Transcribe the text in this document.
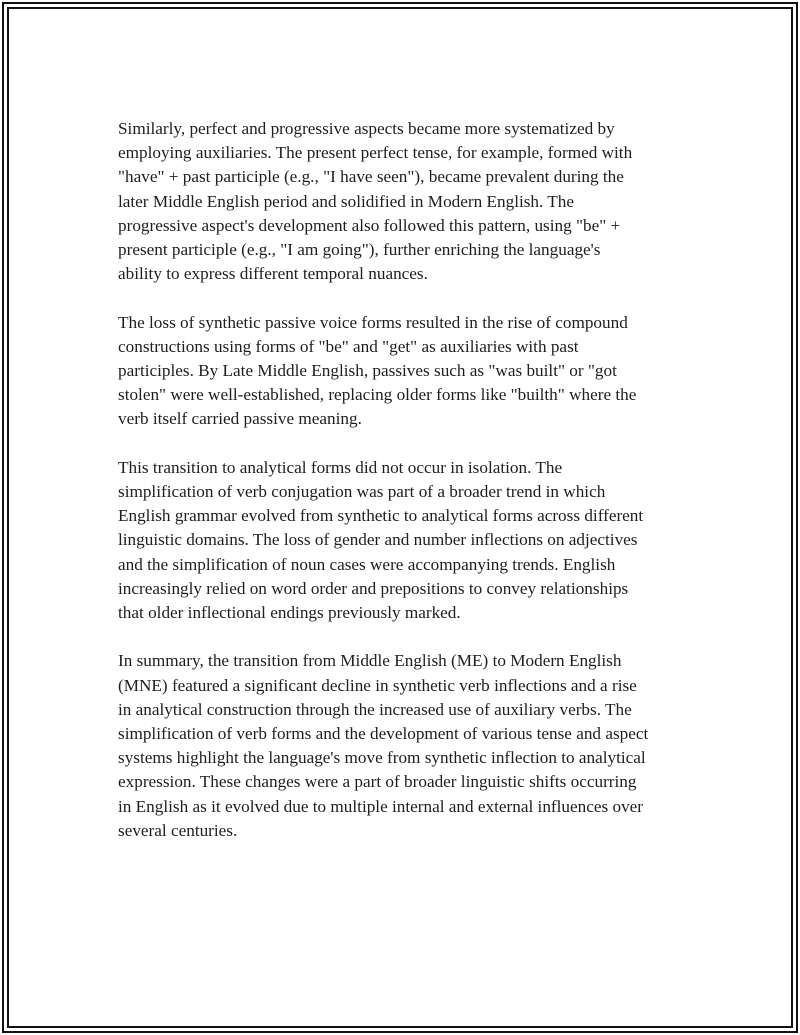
Similarly, perfect and progressive aspects became more systematized by
employing auxiliaries. The present perfect tense, for example, formed with
"have" + past participle (e.g., "I have seen"), became prevalent during the
later Middle English period and solidified in Modern English. The
progressive aspect's development also followed this pattern, using "be" +
present participle (e.g., "I am going"), further enriching the language's
ability to express different temporal nuances.

The loss of synthetic passive voice forms resulted in the rise of compound
constructions using forms of "be" and "get" as auxiliaries with past
participles. By Late Middle English, passives such as "was built" or "got
stolen" were well-established, replacing older forms like "builth" where the
verb itself carried passive meaning.

This transition to analytical forms did not occur in isolation. The
simplification of verb conjugation was part of a broader trend in which
English grammar evolved from synthetic to analytical forms across different
linguistic domains. The loss of gender and number inflections on adjectives
and the simplification of noun cases were accompanying trends. English
increasingly relied on word order and prepositions to convey relationships
that older inflectional endings previously marked.

In summary, the transition from Middle English (ME) to Modern English
(MNE) featured a significant decline in synthetic verb inflections and a rise
in analytical construction through the increased use of auxiliary verbs. The
simplification of verb forms and the development of various tense and aspect
systems highlight the language's move from synthetic inflection to analytical
expression. These changes were a part of broader linguistic shifts occurring
in English as it evolved due to multiple internal and external influences over
several centuries.
